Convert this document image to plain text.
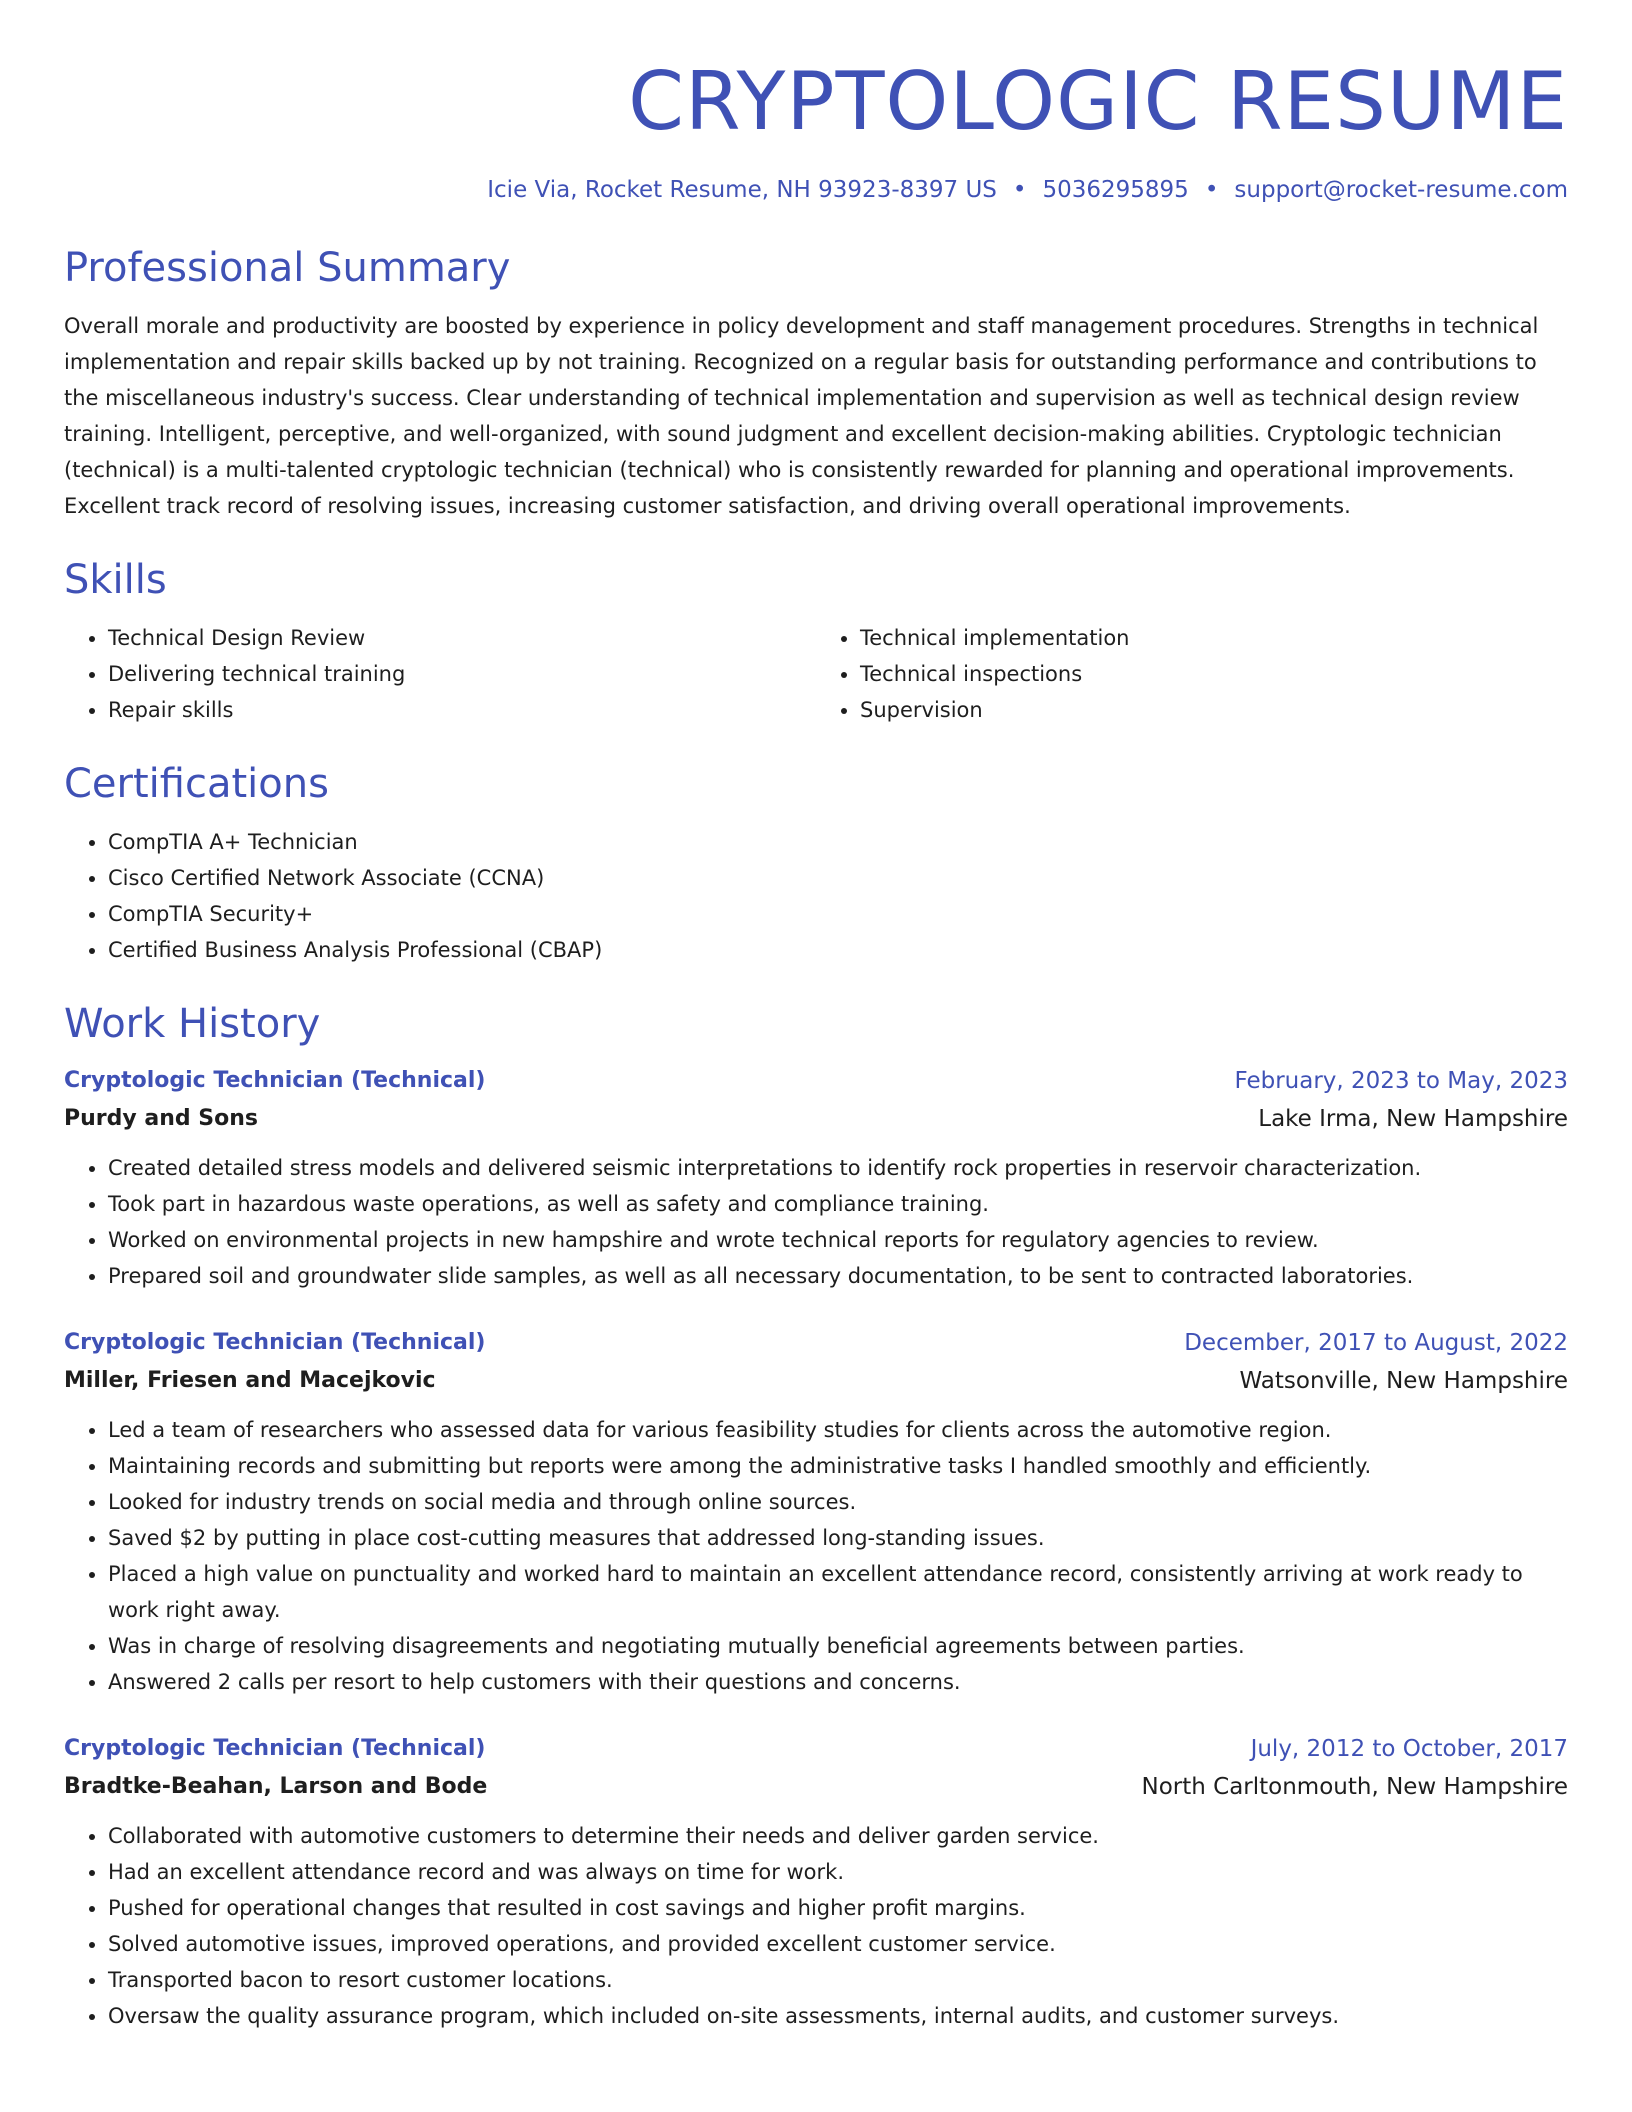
CRYPTOLOGIC RESUME
Icie Via, Rocket Resume, NH 93923-8397 US • 5036295895 • support@rocket-resume.com
Professional Summary

Overall morale and productivity are boosted by experience in policy development and staff management procedures. Strengths in technical implementation and repair skills backed up by not training. Recognized on a regular basis for outstanding performance and contributions to the miscellaneous industry's success. Clear understanding of technical implementation and supervision as well as technical design review training. Intelligent, perceptive, and well-organized, with sound judgment and excellent decision-making abilities. Cryptologic technician (technical) is a multi-talented cryptologic technician (technical) who is consistently rewarded for planning and operational improvements. Excellent track record of resolving issues, increasing customer satisfaction, and driving overall operational improvements.

Skills
• Technical Design Review
• Delivering technical training
• Repair skills
• Technical implementation
• Technical inspections
• Supervision
Certifications
• CompTIA A+ Technician
• Cisco Certified Network Associate (CCNA)
• CompTIA Security+
• Certified Business Analysis Professional (CBAP)
Work History
Cryptologic Technician (Technical)	February, 2023 to May, 2023
Purdy and Sons	Lake Irma, New Hampshire
• Created detailed stress models and delivered seismic interpretations to identify rock properties in reservoir characterization.
• Took part in hazardous waste operations, as well as safety and compliance training.
• Worked on environmental projects in new hampshire and wrote technical reports for regulatory agencies to review.
• Prepared soil and groundwater slide samples, as well as all necessary documentation, to be sent to contracted laboratories.
Cryptologic Technician (Technical)	December, 2017 to August, 2022
Miller, Friesen and Macejkovic	Watsonville, New Hampshire
• Led a team of researchers who assessed data for various feasibility studies for clients across the automotive region.
• Maintaining records and submitting but reports were among the administrative tasks I handled smoothly and efficiently.
• Looked for industry trends on social media and through online sources.
• Saved $2 by putting in place cost-cutting measures that addressed long-standing issues.
• Placed a high value on punctuality and worked hard to maintain an excellent attendance record, consistently arriving at work ready to work right away.
• Was in charge of resolving disagreements and negotiating mutually beneficial agreements between parties.
• Answered 2 calls per resort to help customers with their questions and concerns.
Cryptologic Technician (Technical)	July, 2012 to October, 2017
Bradtke-Beahan, Larson and Bode	North Carltonmouth, New Hampshire
• Collaborated with automotive customers to determine their needs and deliver garden service.
• Had an excellent attendance record and was always on time for work.
• Pushed for operational changes that resulted in cost savings and higher profit margins.
• Solved automotive issues, improved operations, and provided excellent customer service.
• Transported bacon to resort customer locations.
• Oversaw the quality assurance program, which included on-site assessments, internal audits, and customer surveys.
